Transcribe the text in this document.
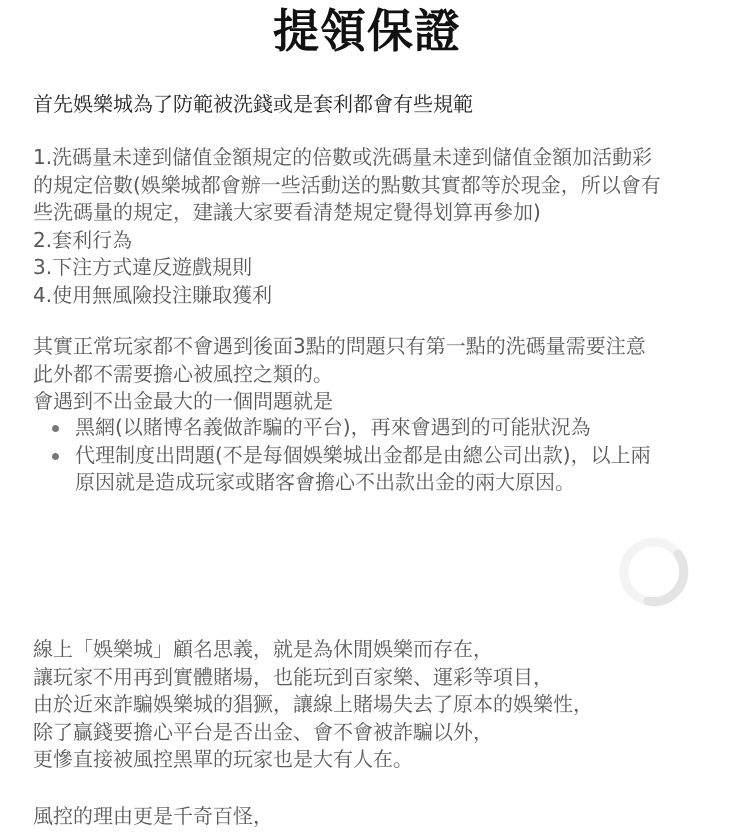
提領保證
首先娛樂城為了防範被洗錢或是套利都會有些規範
1.洗碼量未達到儲值金額規定的倍數或洗碼量未達到儲值金額加活動彩
的規定倍數(娛樂城都會辦一些活動送的點數其實都等於現金，所以會有
些洗碼量的規定，建議大家要看清楚規定覺得划算再參加)
2.套利行為
3.下注方式違反遊戲規則
4.使用無風險投注賺取獲利
其實正常玩家都不會遇到後面3點的問題只有第一點的洗碼量需要注意
此外都不需要擔心被風控之類的。
會遇到不出金最大的一個問題就是
黑網(以賭博名義做詐騙的平台)，再來會遇到的可能狀況為
代理制度出問題(不是每個娛樂城出金都是由總公司出款)，以上兩
原因就是造成玩家或賭客會擔心不出款出金的兩大原因。
線上「娛樂城」顧名思義，就是為休閒娛樂而存在，
讓玩家不用再到實體賭場，也能玩到百家樂、運彩等項目，
由於近來詐騙娛樂城的猖獗，讓線上賭場失去了原本的娛樂性，
除了贏錢要擔心平台是否出金、會不會被詐騙以外，
更慘直接被風控黑單的玩家也是大有人在。
風控的理由更是千奇百怪，
